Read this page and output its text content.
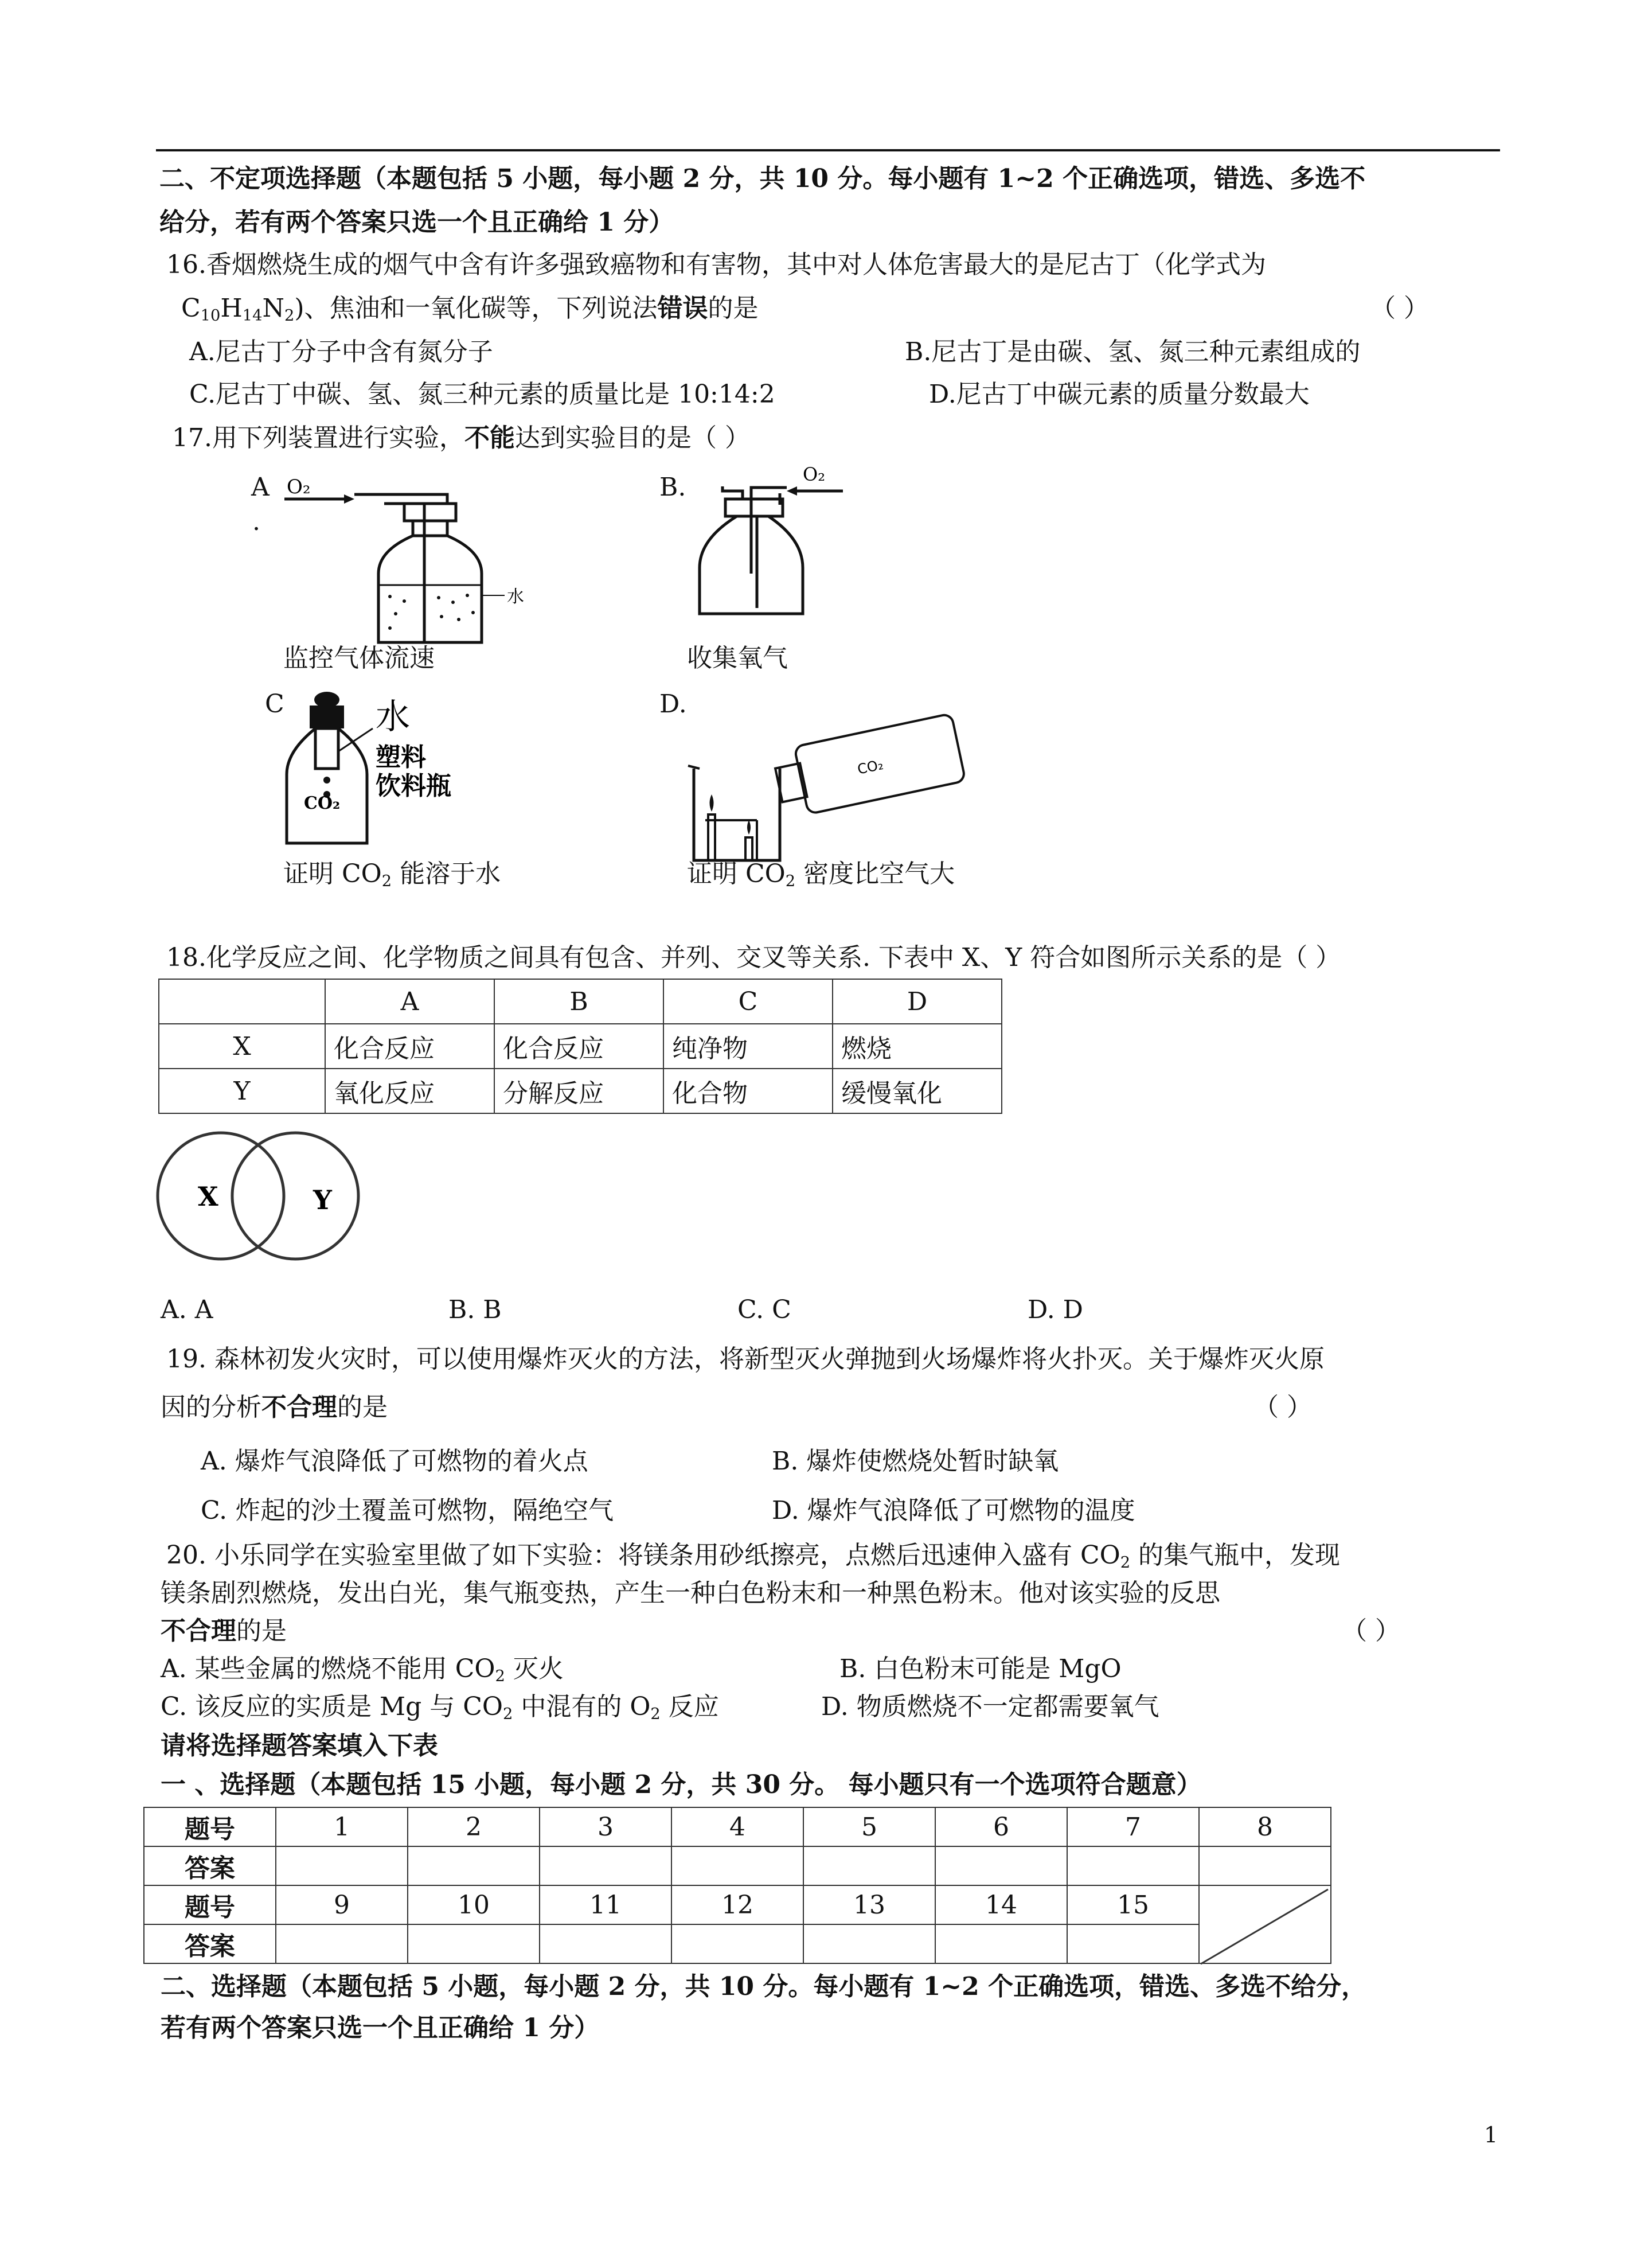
二、不定项选择题（本题包括 5 小题，每小题 2 分，共 10 分。每小题有 1~2 个正确选项，错选、多选不
给分，若有两个答案只选一个且正确给 1 分）
16.香烟燃烧生成的烟气中含有许多强致癌物和有害物，其中对人体危害最大的是尼古丁（化学式为
$C_{10}H_{14}N_2$)、焦油和一氧化碳等，下列说法错误的是	（ ）
A.尼古丁分子中含有氮分子	B.尼古丁是由碳、氢、氮三种元素组成的
C.尼古丁中碳、氢、氮三种元素的质量比是 10:14:2	D.尼古丁中碳元素的质量分数最大
17.用下列装置进行实验，不能达到实验目的是（ ）
A	B.
O₂
水
.
O₂
监控气体流速	收集氧气
C	D.
CO₂
水
塑料
饮料瓶
CO₂
证明 $CO_2$ 能溶于水	证明 $CO_2$ 密度比空气大
18.化学反应之间、化学物质之间具有包含、并列、交叉等关系. 下表中 X、Y 符合如图所示关系的是（ ）
	A	B	C	D
X	化合反应	化合反应	纯净物	燃烧
Y	氧化反应	分解反应	化合物	缓慢氧化
X	Y
A. A	B. B	C. C	D. D
19. 森林初发火灾时，可以使用爆炸灭火的方法，将新型灭火弹抛到火场爆炸将火扑灭。关于爆炸灭火原
因的分析不合理的是	（ ）
A. 爆炸气浪降低了可燃物的着火点	B. 爆炸使燃烧处暂时缺氧
C. 炸起的沙土覆盖可燃物，隔绝空气	D. 爆炸气浪降低了可燃物的温度
20. 小乐同学在实验室里做了如下实验：将镁条用砂纸擦亮，点燃后迅速伸入盛有 $CO_2$ 的集气瓶中，发现
镁条剧烈燃烧，发出白光，集气瓶变热，产生一种白色粉末和一种黑色粉末。他对该实验的反思
不合理的是	（ ）
A. 某些金属的燃烧不能用 $CO_2$ 灭火	B. 白色粉末可能是 MgO
C. 该反应的实质是 Mg 与 $CO_2$ 中混有的 $O_2$ 反应	D. 物质燃烧不一定都需要氧气
请将选择题答案填入下表
一 、选择题（本题包括 15 小题，每小题 2 分，共 30 分。 每小题只有一个选项符合题意）
题号	1	2	3	4	5	6	7	8
答案								
题号	9	10	11	12	13	14	15	
答案								
二、选择题（本题包括 5 小题，每小题 2 分，共 10 分。每小题有 1~2 个正确选项，错选、多选不给分，
若有两个答案只选一个且正确给 1 分）
1
